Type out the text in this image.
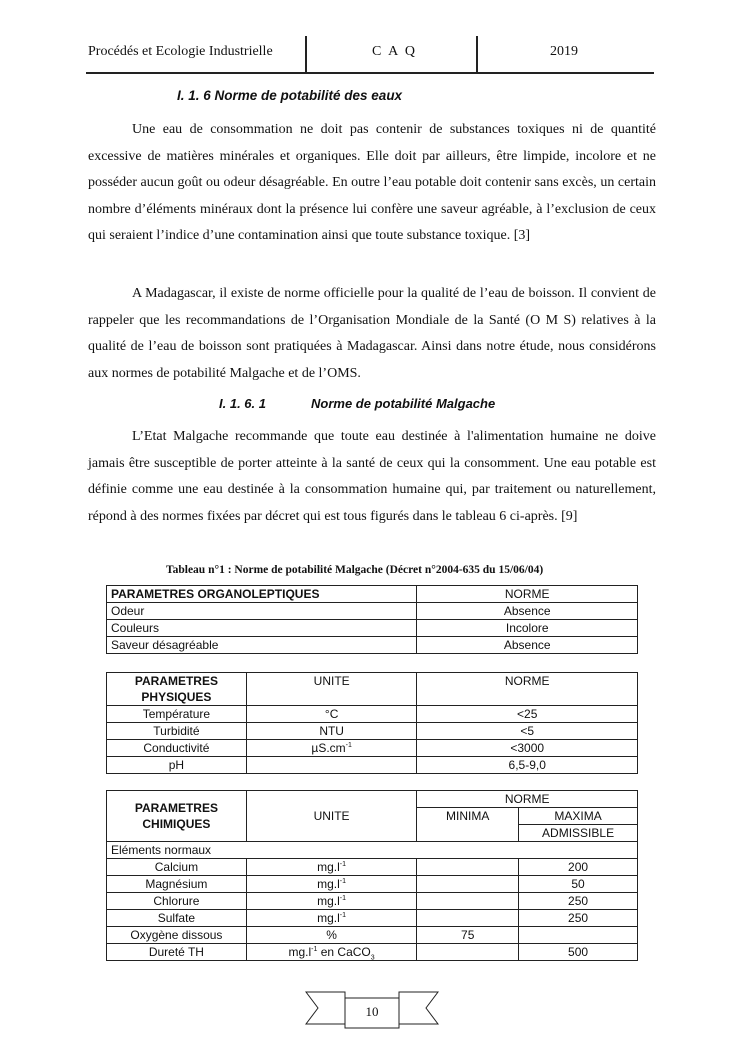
Procédés et Ecologie Industrielle	C A Q	2019
I. 1. 6 Norme de potabilité des eaux
Une eau de consommation ne doit pas contenir de substances toxiques ni de quantité excessive de matières minérales et organiques. Elle doit par ailleurs, être limpide, incolore et ne posséder aucun goût ou odeur désagréable. En outre l’eau potable doit contenir sans excès, un certain nombre d’éléments minéraux dont la présence lui confère une saveur agréable, à l’exclusion de ceux qui seraient l’indice d’une contamination ainsi que toute substance toxique. [3]
A Madagascar, il existe de norme officielle pour la qualité de l’eau de boisson. Il convient de rappeler que les recommandations de l’Organisation Mondiale de la Santé (O M S) relatives à la qualité de l’eau de boisson sont pratiquées à Madagascar. Ainsi dans notre étude, nous considérons aux normes de potabilité Malgache et de l’OMS.
I. 1. 6. 1	Norme de potabilité Malgache
L’Etat Malgache recommande que toute eau destinée à l'alimentation humaine ne doive jamais être susceptible de porter atteinte à la santé de ceux qui la consomment. Une eau potable est définie comme une eau destinée à la consommation humaine qui, par traitement ou naturellement, répond à des normes fixées par décret qui est tous figurés dans le tableau 6 ci-après. [9]
Tableau n°1 : Norme de potabilité Malgache (Décret n°2004-635 du 15/06/04)
PARAMETRES ORGANOLEPTIQUES	NORME
Odeur	Absence
Couleurs	Incolore
Saveur désagréable	Absence
PARAMETRES PHYSIQUES	UNITE	NORME
Température	°C	<25
Turbidité	NTU	<5
Conductivité	$\mu S.cm^{-1}$	<3000
pH		6,5-9,0
PARAMETRES CHIMIQUES	UNITE	NORME	
		MINIMA	MAXIMA
			ADMISSIBLE
Eléments normaux			
Calcium	$mg.l^{-1}$		200
Magnésium	$mg.l^{-1}$		50
Chlorure	$mg.l^{-1}$		250
Sulfate	$mg.l^{-1}$		250
Oxygène dissous	%	75	
Dureté TH	$mg.l^{-1}$ en CaCO$_3$		500
10
